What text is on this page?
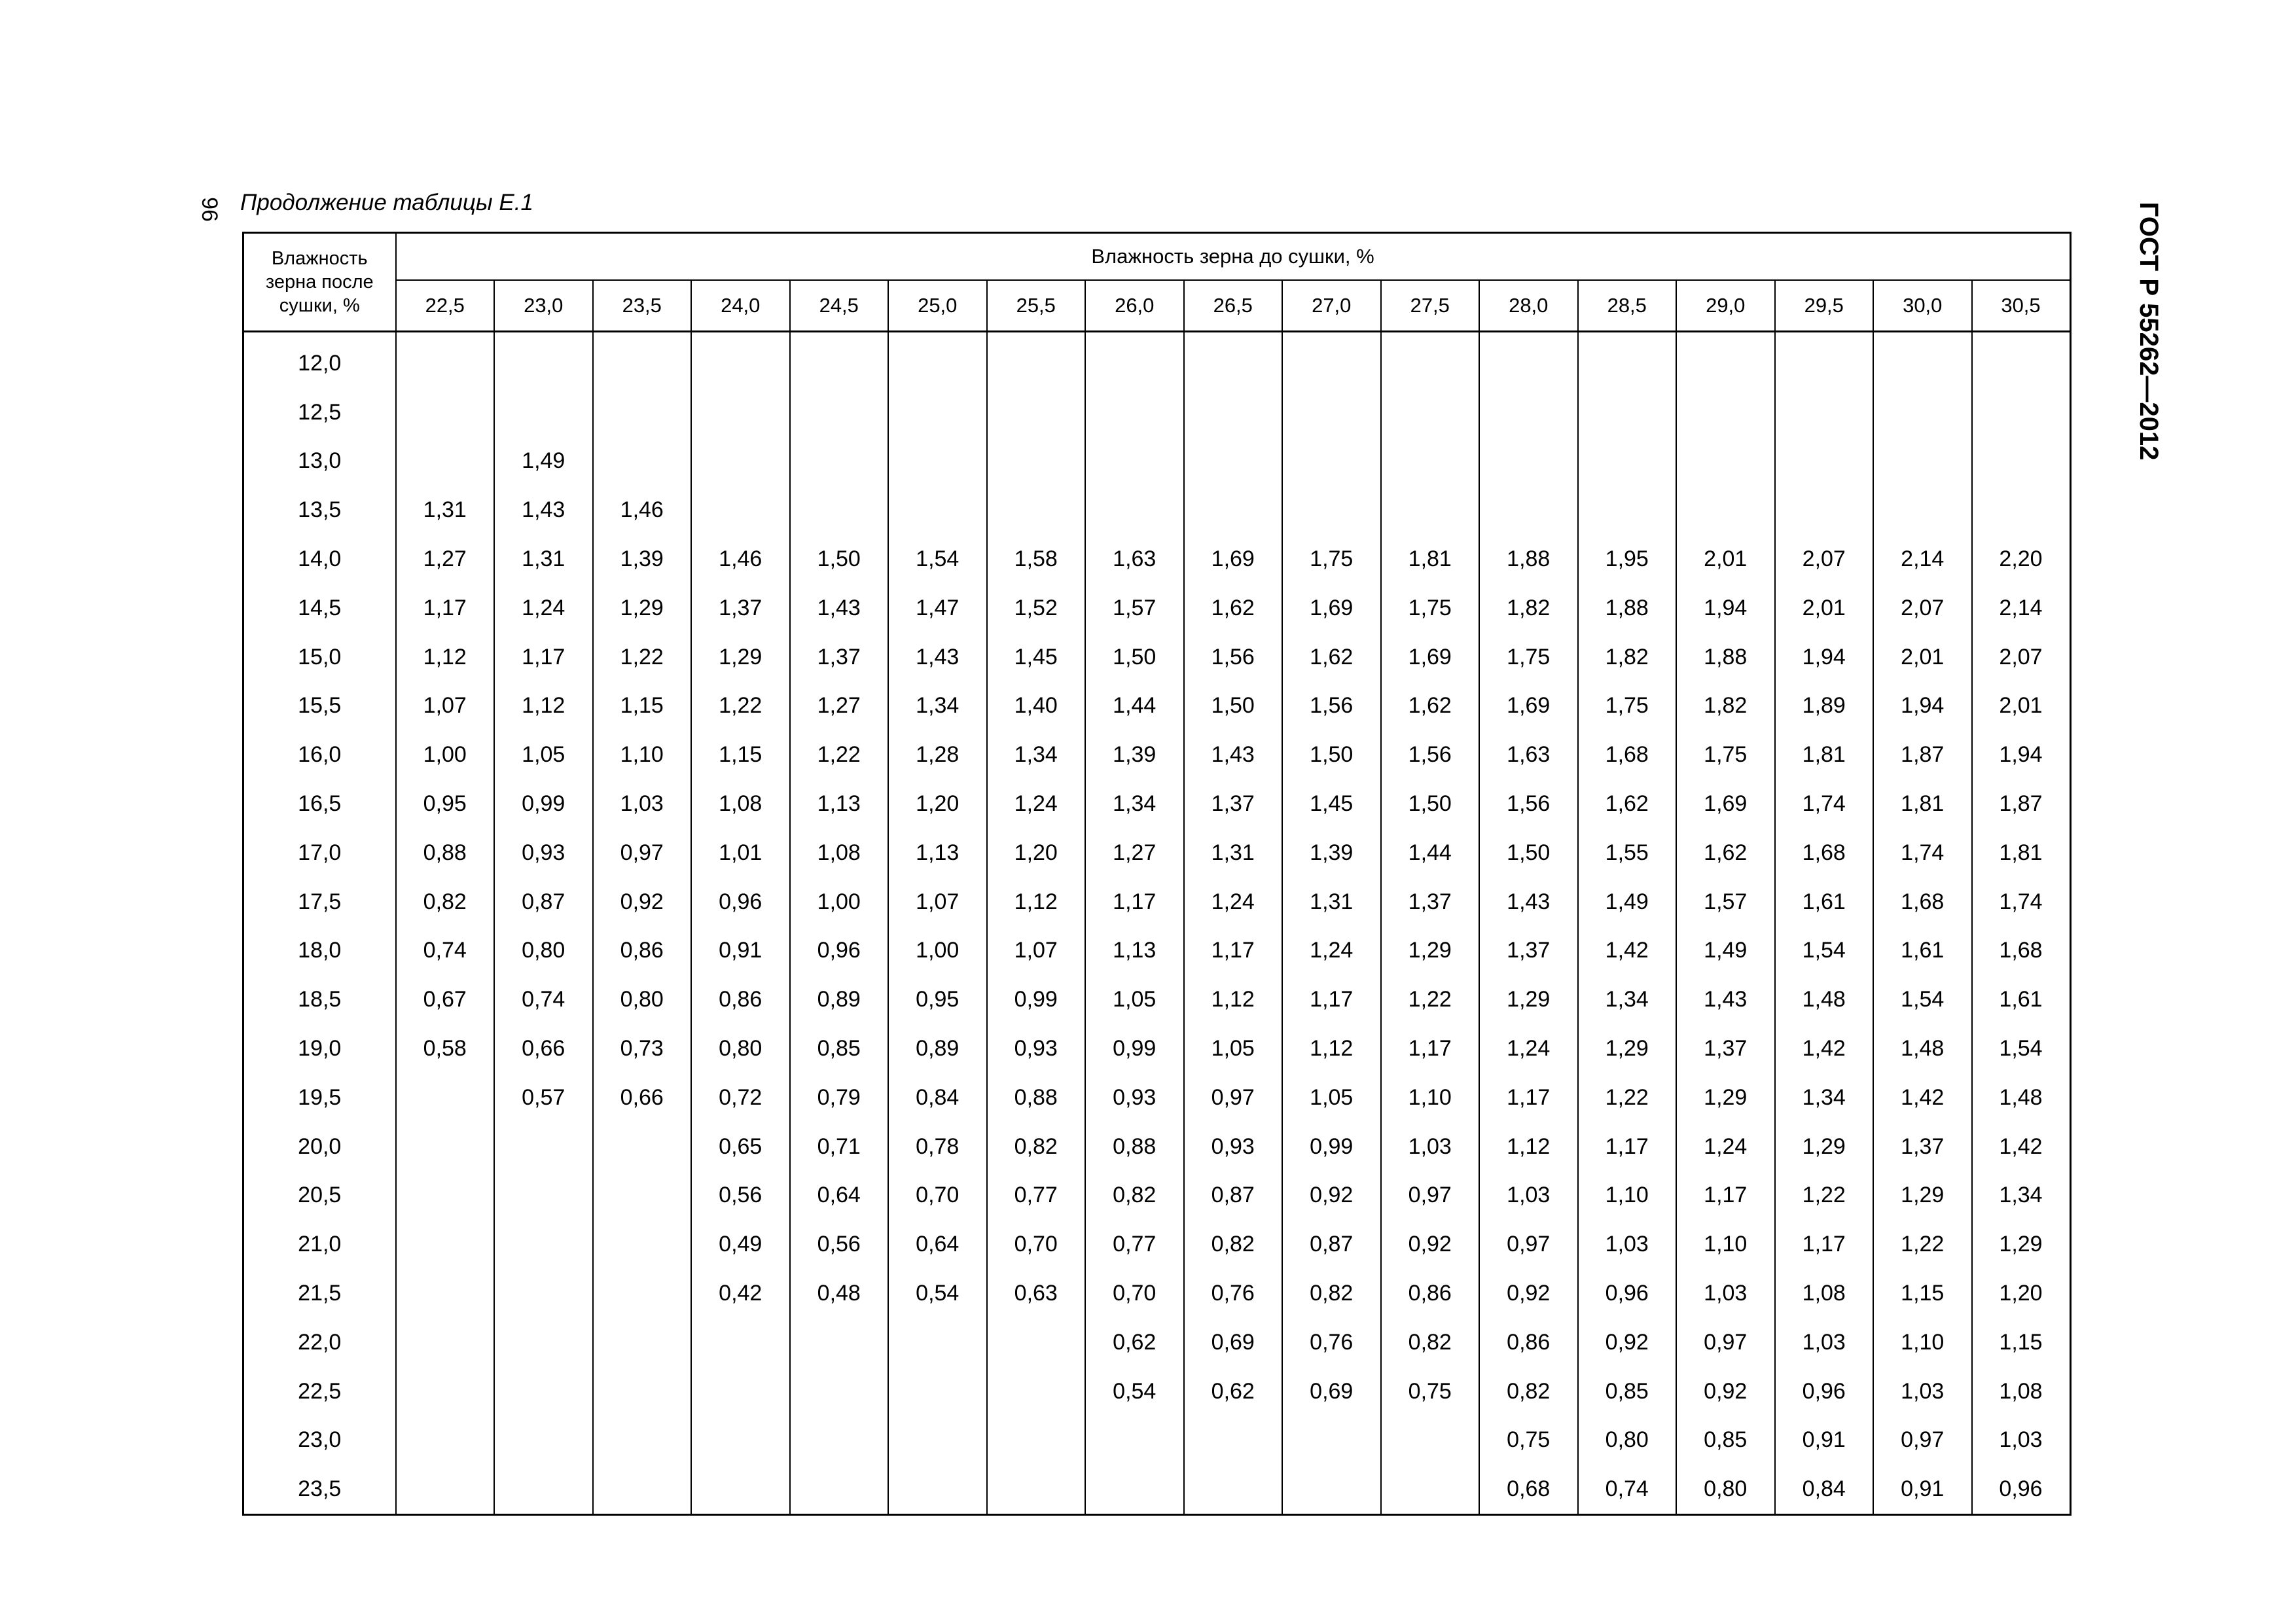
96 Продолжение таблицы Е.1	ГОСТ Р 55262—2012
Влажность зерна после сушки, %	Влажность зерна до сушки, %																
	22,5	23,0	23,5	24,0	24,5	25,0	25,5	26,0	26,5	27,0	27,5	28,0	28,5	29,0	29,5	30,0	30,5

12,0																	
12,5																	
13,0		1,49															
13,5	1,31	1,43	1,46														
14,0	1,27	1,31	1,39	1,46	1,50	1,54	1,58	1,63	1,69	1,75	1,81	1,88	1,95	2,01	2,07	2,14	2,20
14,5	1,17	1,24	1,29	1,37	1,43	1,47	1,52	1,57	1,62	1,69	1,75	1,82	1,88	1,94	2,01	2,07	2,14
15,0	1,12	1,17	1,22	1,29	1,37	1,43	1,45	1,50	1,56	1,62	1,69	1,75	1,82	1,88	1,94	2,01	2,07
15,5	1,07	1,12	1,15	1,22	1,27	1,34	1,40	1,44	1,50	1,56	1,62	1,69	1,75	1,82	1,89	1,94	2,01
16,0	1,00	1,05	1,10	1,15	1,22	1,28	1,34	1,39	1,43	1,50	1,56	1,63	1,68	1,75	1,81	1,87	1,94
16,5	0,95	0,99	1,03	1,08	1,13	1,20	1,24	1,34	1,37	1,45	1,50	1,56	1,62	1,69	1,74	1,81	1,87
17,0	0,88	0,93	0,97	1,01	1,08	1,13	1,20	1,27	1,31	1,39	1,44	1,50	1,55	1,62	1,68	1,74	1,81
17,5	0,82	0,87	0,92	0,96	1,00	1,07	1,12	1,17	1,24	1,31	1,37	1,43	1,49	1,57	1,61	1,68	1,74
18,0	0,74	0,80	0,86	0,91	0,96	1,00	1,07	1,13	1,17	1,24	1,29	1,37	1,42	1,49	1,54	1,61	1,68
18,5	0,67	0,74	0,80	0,86	0,89	0,95	0,99	1,05	1,12	1,17	1,22	1,29	1,34	1,43	1,48	1,54	1,61
19,0	0,58	0,66	0,73	0,80	0,85	0,89	0,93	0,99	1,05	1,12	1,17	1,24	1,29	1,37	1,42	1,48	1,54
19,5		0,57	0,66	0,72	0,79	0,84	0,88	0,93	0,97	1,05	1,10	1,17	1,22	1,29	1,34	1,42	1,48
20,0				0,65	0,71	0,78	0,82	0,88	0,93	0,99	1,03	1,12	1,17	1,24	1,29	1,37	1,42
20,5				0,56	0,64	0,70	0,77	0,82	0,87	0,92	0,97	1,03	1,10	1,17	1,22	1,29	1,34
21,0				0,49	0,56	0,64	0,70	0,77	0,82	0,87	0,92	0,97	1,03	1,10	1,17	1,22	1,29
21,5				0,42	0,48	0,54	0,63	0,70	0,76	0,82	0,86	0,92	0,96	1,03	1,08	1,15	1,20
22,0								0,62	0,69	0,76	0,82	0,86	0,92	0,97	1,03	1,10	1,15
22,5								0,54	0,62	0,69	0,75	0,82	0,85	0,92	0,96	1,03	1,08
23,0												0,75	0,80	0,85	0,91	0,97	1,03
23,5												0,68	0,74	0,80	0,84	0,91	0,96
